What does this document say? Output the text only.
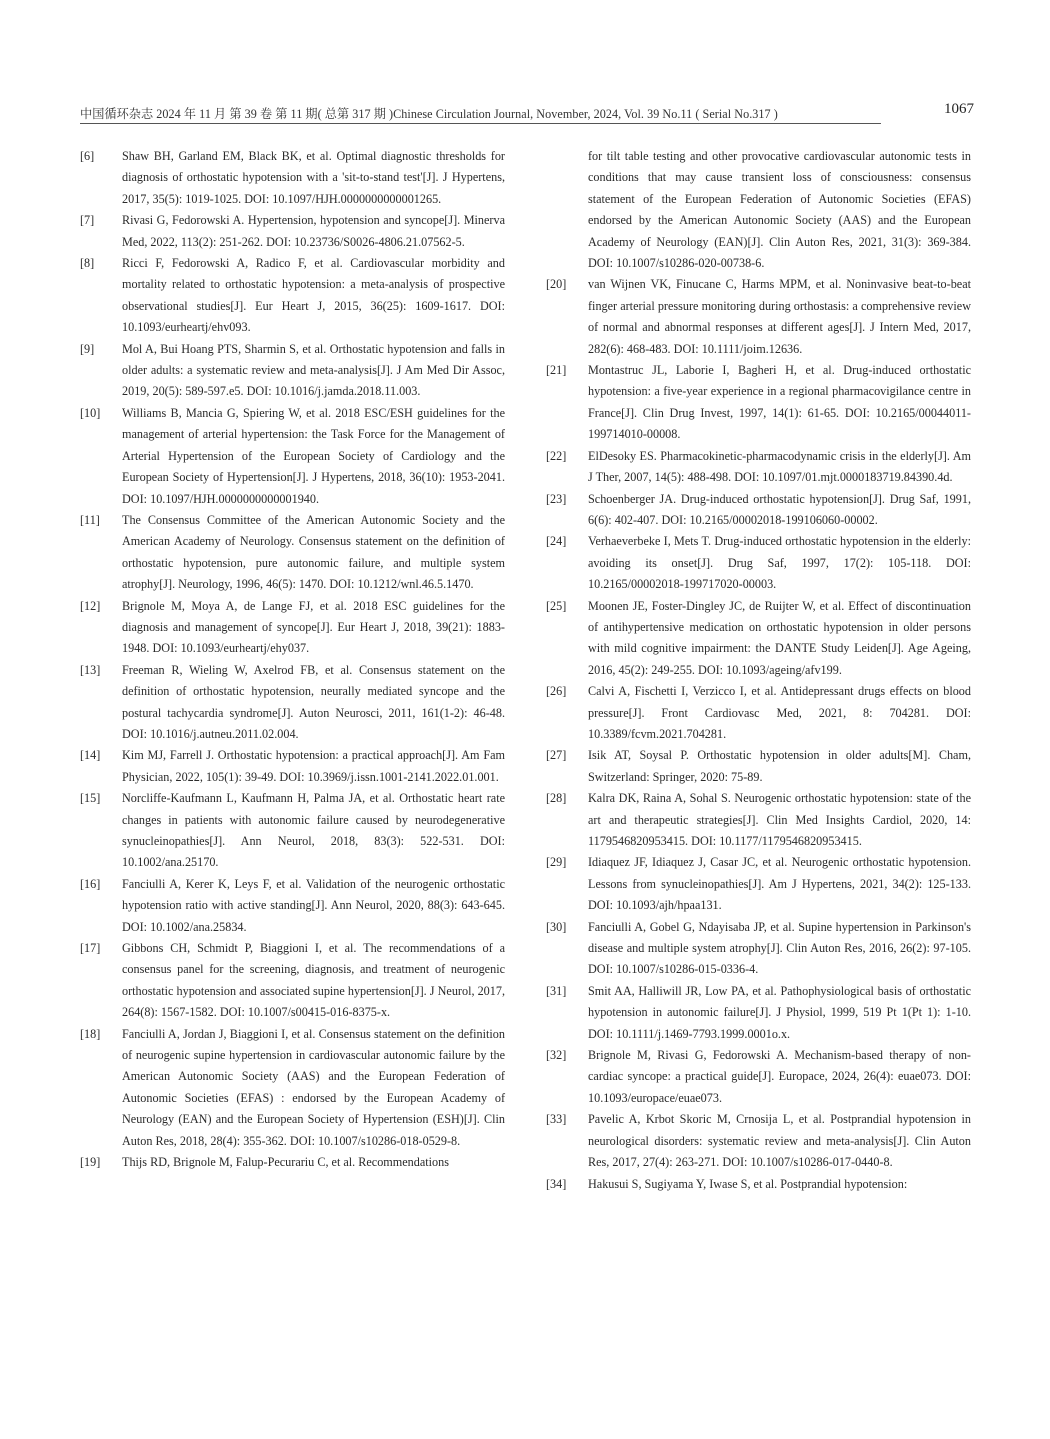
中国循环杂志 2024 年 11 月 第 39 卷 第 11 期( 总第 317 期 )Chinese Circulation Journal, November, 2024, Vol. 39 No.11 ( Serial No.317 )	1067
[6] Shaw BH, Garland EM, Black BK, et al. Optimal diagnostic thresholds for diagnosis of orthostatic hypotension with a 'sit-to-stand test'[J]. J Hypertens, 2017, 35(5): 1019-1025. DOI: 10.1097/HJH.0000000000001265.
[7] Rivasi G, Fedorowski A. Hypertension, hypotension and syncope[J]. Minerva Med, 2022, 113(2): 251-262. DOI: 10.23736/S0026-4806.21.07562-5.
[8] Ricci F, Fedorowski A, Radico F, et al. Cardiovascular morbidity and mortality related to orthostatic hypotension: a meta-analysis of prospective observational studies[J]. Eur Heart J, 2015, 36(25): 1609-1617. DOI: 10.1093/eurheartj/ehv093.
[9] Mol A, Bui Hoang PTS, Sharmin S, et al. Orthostatic hypotension and falls in older adults: a systematic review and meta-analysis[J]. J Am Med Dir Assoc, 2019, 20(5): 589-597.e5. DOI: 10.1016/j.jamda.2018.11.003.
[10] Williams B, Mancia G, Spiering W, et al. 2018 ESC/ESH guidelines for the management of arterial hypertension: the Task Force for the Management of Arterial Hypertension of the European Society of Cardiology and the European Society of Hypertension[J]. J Hypertens, 2018, 36(10): 1953-2041. DOI: 10.1097/HJH.0000000000001940.
[11] The Consensus Committee of the American Autonomic Society and the American Academy of Neurology. Consensus statement on the definition of orthostatic hypotension, pure autonomic failure, and multiple system atrophy[J]. Neurology, 1996, 46(5): 1470. DOI: 10.1212/wnl.46.5.1470.
[12] Brignole M, Moya A, de Lange FJ, et al. 2018 ESC guidelines for the diagnosis and management of syncope[J]. Eur Heart J, 2018, 39(21): 1883-1948. DOI: 10.1093/eurheartj/ehy037.
[13] Freeman R, Wieling W, Axelrod FB, et al. Consensus statement on the definition of orthostatic hypotension, neurally mediated syncope and the postural tachycardia syndrome[J]. Auton Neurosci, 2011, 161(1-2): 46-48. DOI: 10.1016/j.autneu.2011.02.004.
[14] Kim MJ, Farrell J. Orthostatic hypotension: a practical approach[J]. Am Fam Physician, 2022, 105(1): 39-49. DOI: 10.3969/j.issn.1001-2141.2022.01.001.
[15] Norcliffe-Kaufmann L, Kaufmann H, Palma JA, et al. Orthostatic heart rate changes in patients with autonomic failure caused by neurodegenerative synucleinopathies[J]. Ann Neurol, 2018, 83(3): 522-531. DOI: 10.1002/ana.25170.
[16] Fanciulli A, Kerer K, Leys F, et al. Validation of the neurogenic orthostatic hypotension ratio with active standing[J]. Ann Neurol, 2020, 88(3): 643-645. DOI: 10.1002/ana.25834.
[17] Gibbons CH, Schmidt P, Biaggioni I, et al. The recommendations of a consensus panel for the screening, diagnosis, and treatment of neurogenic orthostatic hypotension and associated supine hypertension[J]. J Neurol, 2017, 264(8): 1567-1582. DOI: 10.1007/s00415-016-8375-x.
[18] Fanciulli A, Jordan J, Biaggioni I, et al. Consensus statement on the definition of neurogenic supine hypertension in cardiovascular autonomic failure by the American Autonomic Society (AAS) and the European Federation of Autonomic Societies (EFAS) : endorsed by the European Academy of Neurology (EAN) and the European Society of Hypertension (ESH)[J]. Clin Auton Res, 2018, 28(4): 355-362. DOI: 10.1007/s10286-018-0529-8.
[19] Thijs RD, Brignole M, Falup-Pecurariu C, et al. Recommendations
for tilt table testing and other provocative cardiovascular autonomic tests in conditions that may cause transient loss of consciousness: consensus statement of the European Federation of Autonomic Societies (EFAS) endorsed by the American Autonomic Society (AAS) and the European Academy of Neurology (EAN)[J]. Clin Auton Res, 2021, 31(3): 369-384. DOI: 10.1007/s10286-020-00738-6.
[20] van Wijnen VK, Finucane C, Harms MPM, et al. Noninvasive beat-to-beat finger arterial pressure monitoring during orthostasis: a comprehensive review of normal and abnormal responses at different ages[J]. J Intern Med, 2017, 282(6): 468-483. DOI: 10.1111/joim.12636.
[21] Montastruc JL, Laborie I, Bagheri H, et al. Drug-induced orthostatic hypotension: a five-year experience in a regional pharmacovigilance centre in France[J]. Clin Drug Invest, 1997, 14(1): 61-65. DOI: 10.2165/00044011-199714010-00008.
[22] ElDesoky ES. Pharmacokinetic-pharmacodynamic crisis in the elderly[J]. Am J Ther, 2007, 14(5): 488-498. DOI: 10.1097/01.mjt.0000183719.84390.4d.
[23] Schoenberger JA. Drug-induced orthostatic hypotension[J]. Drug Saf, 1991, 6(6): 402-407. DOI: 10.2165/00002018-199106060-00002.
[24] Verhaeverbeke I, Mets T. Drug-induced orthostatic hypotension in the elderly: avoiding its onset[J]. Drug Saf, 1997, 17(2): 105-118. DOI: 10.2165/00002018-199717020-00003.
[25] Moonen JE, Foster-Dingley JC, de Ruijter W, et al. Effect of discontinuation of antihypertensive medication on orthostatic hypotension in older persons with mild cognitive impairment: the DANTE Study Leiden[J]. Age Ageing, 2016, 45(2): 249-255. DOI: 10.1093/ageing/afv199.
[26] Calvi A, Fischetti I, Verzicco I, et al. Antidepressant drugs effects on blood pressure[J]. Front Cardiovasc Med, 2021, 8: 704281. DOI: 10.3389/fcvm.2021.704281.
[27] Isik AT, Soysal P. Orthostatic hypotension in older adults[M]. Cham, Switzerland: Springer, 2020: 75-89.
[28] Kalra DK, Raina A, Sohal S. Neurogenic orthostatic hypotension: state of the art and therapeutic strategies[J]. Clin Med Insights Cardiol, 2020, 14: 1179546820953415. DOI: 10.1177/1179546820953415.
[29] Idiaquez JF, Idiaquez J, Casar JC, et al. Neurogenic orthostatic hypotension. Lessons from synucleinopathies[J]. Am J Hypertens, 2021, 34(2): 125-133. DOI: 10.1093/ajh/hpaa131.
[30] Fanciulli A, Gobel G, Ndayisaba JP, et al. Supine hypertension in Parkinson's disease and multiple system atrophy[J]. Clin Auton Res, 2016, 26(2): 97-105. DOI: 10.1007/s10286-015-0336-4.
[31] Smit AA, Halliwill JR, Low PA, et al. Pathophysiological basis of orthostatic hypotension in autonomic failure[J]. J Physiol, 1999, 519 Pt 1(Pt 1): 1-10. DOI: 10.1111/j.1469-7793.1999.0001o.x.
[32] Brignole M, Rivasi G, Fedorowski A. Mechanism-based therapy of non-cardiac syncope: a practical guide[J]. Europace, 2024, 26(4): euae073. DOI: 10.1093/europace/euae073.
[33] Pavelic A, Krbot Skoric M, Crnosija L, et al. Postprandial hypotension in neurological disorders: systematic review and meta-analysis[J]. Clin Auton Res, 2017, 27(4): 263-271. DOI: 10.1007/s10286-017-0440-8.
[34] Hakusui S, Sugiyama Y, Iwase S, et al. Postprandial hypotension:
